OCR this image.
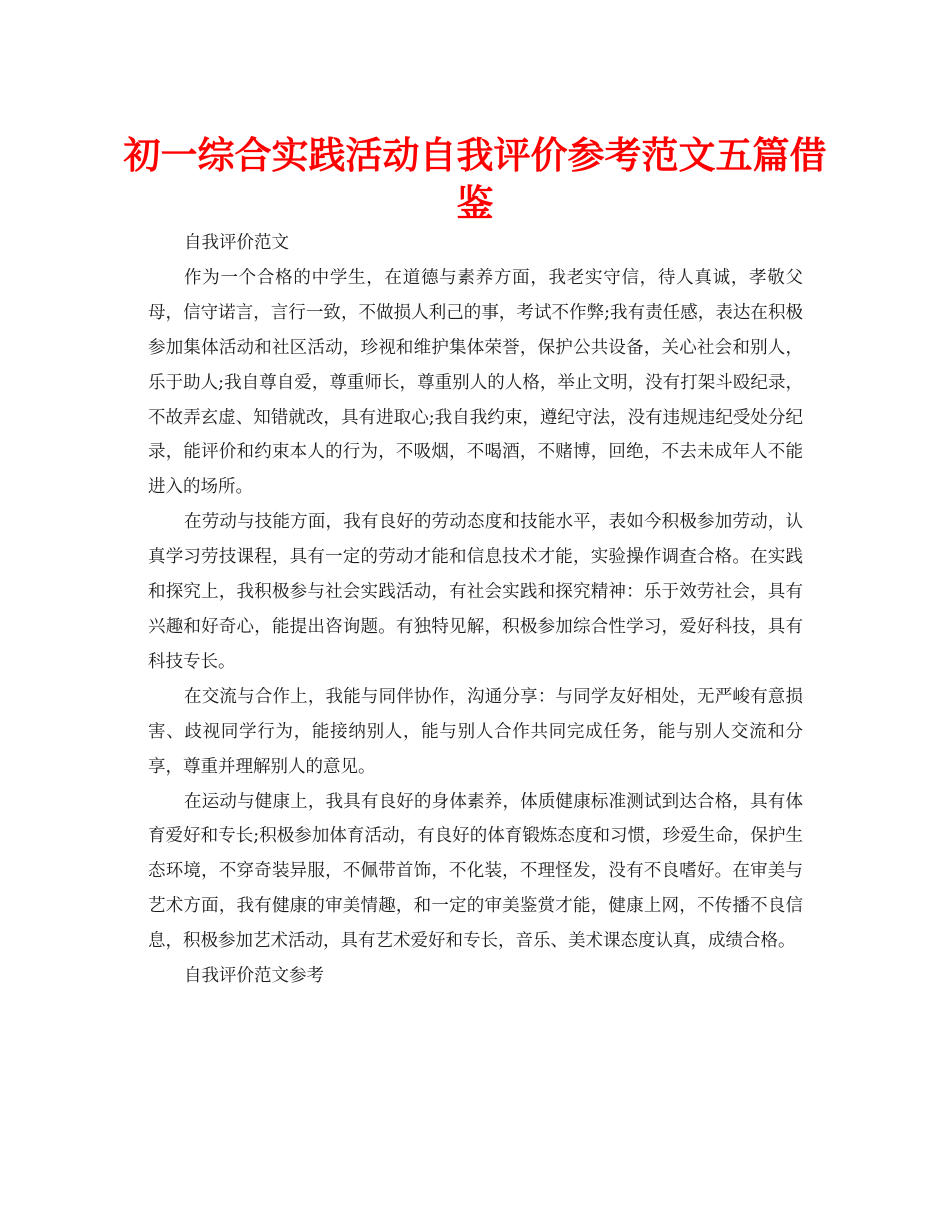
初一综合实践活动自我评价参考范文五篇借鉴

自我评价范文

作为一个合格的中学生，在道德与素养方面，我老实守信，待人真诚，孝敬父母，信守诺言，言行一致，不做损人利己的事，考试不作弊;我有责任感，表达在积极参加集体活动和社区活动，珍视和维护集体荣誉，保护公共设备，关心社会和别人，乐于助人;我自尊自爱，尊重师长，尊重别人的人格，举止文明，没有打架斗殴纪录，不故弄玄虚、知错就改，具有进取心;我自我约束，遵纪守法，没有违规违纪受处分纪录，能评价和约束本人的行为，不吸烟，不喝酒，不赌博，回绝，不去未成年人不能进入的场所。

在劳动与技能方面，我有良好的劳动态度和技能水平，表如今积极参加劳动，认真学习劳技课程，具有一定的劳动才能和信息技术才能，实验操作调查合格。在实践和探究上，我积极参与社会实践活动，有社会实践和探究精神：乐于效劳社会，具有兴趣和好奇心，能提出咨询题。有独特见解，积极参加综合性学习，爱好科技，具有科技专长。

在交流与合作上，我能与同伴协作，沟通分享：与同学友好相处，无严峻有意损害、歧视同学行为，能接纳别人，能与别人合作共同完成任务，能与别人交流和分享，尊重并理解别人的意见。

在运动与健康上，我具有良好的身体素养，体质健康标准测试到达合格，具有体育爱好和专长;积极参加体育活动，有良好的体育锻炼态度和习惯，珍爱生命，保护生态环境，不穿奇装异服，不佩带首饰，不化装，不理怪发，没有不良嗜好。在审美与艺术方面，我有健康的审美情趣，和一定的审美鉴赏才能，健康上网，不传播不良信息，积极参加艺术活动，具有艺术爱好和专长，音乐、美术课态度认真，成绩合格。

自我评价范文参考
